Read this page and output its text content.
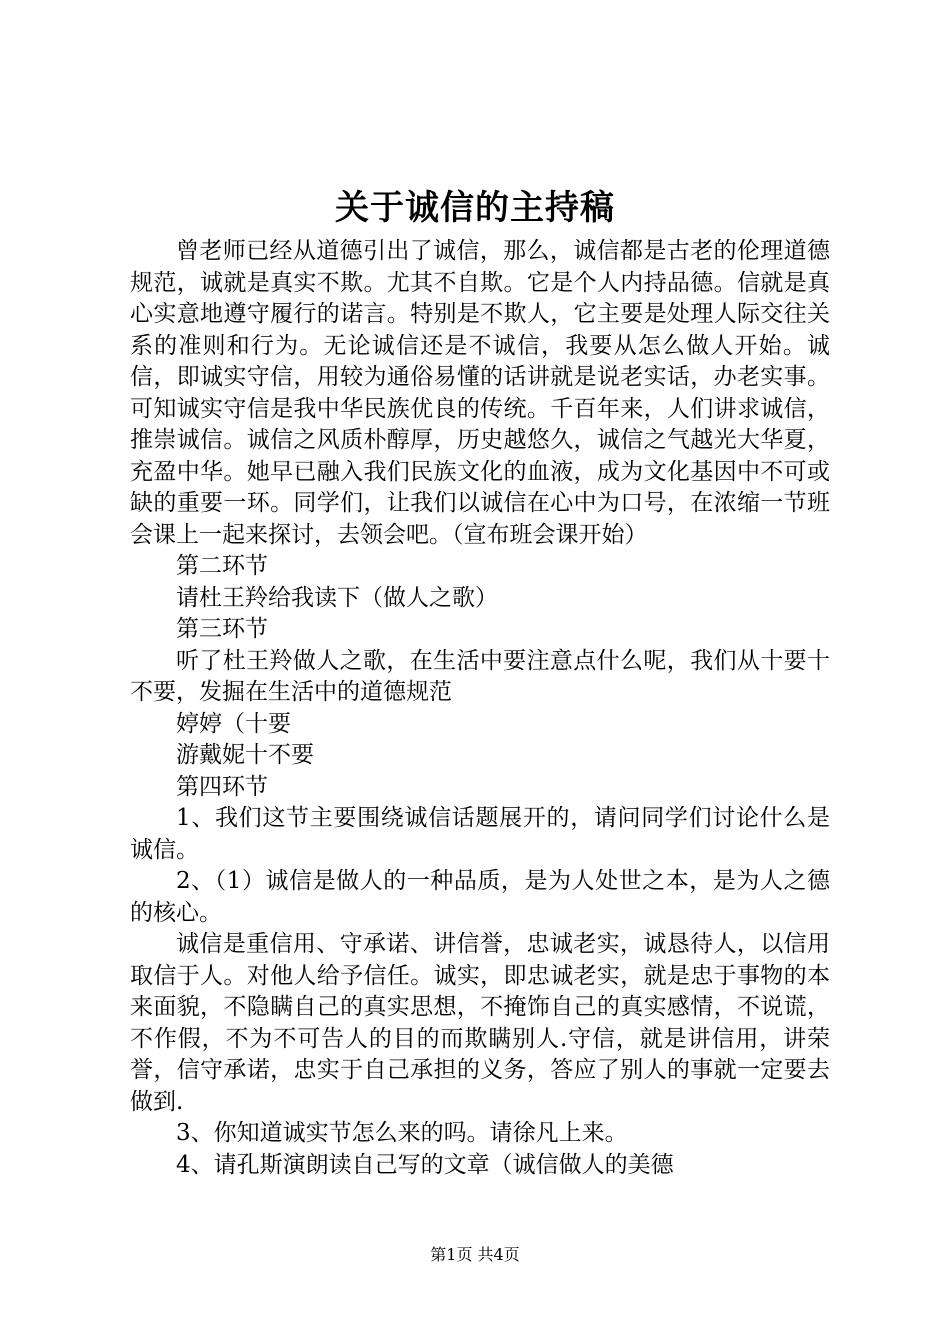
关于诚信的主持稿

曾老师已经从道德引出了诚信，那么，诚信都是古老的伦理道德规范，诚就是真实不欺。尤其不自欺。它是个人内持品德。信就是真心实意地遵守履行的诺言。特别是不欺人，它主要是处理人际交往关系的准则和行为。无论诚信还是不诚信，我要从怎么做人开始。诚信，即诚实守信，用较为通俗易懂的话讲就是说老实话，办老实事。可知诚实守信是我中华民族优良的传统。千百年来，人们讲求诚信，推崇诚信。诚信之风质朴醇厚，历史越悠久，诚信之气越光大华夏，充盈中华。她早已融入我们民族文化的血液，成为文化基因中不可或缺的重要一环。同学们，让我们以诚信在心中为口号，在浓缩一节班会课上一起来探讨，去领会吧。（宣布班会课开始）

第二环节

请杜王羚给我读下（做人之歌）

第三环节

听了杜王羚做人之歌，在生活中要注意点什么呢，我们从十要十不要，发掘在生活中的道德规范

婷婷（十要

游戴妮十不要

第四环节

1、我们这节主要围绕诚信话题展开的，请问同学们讨论什么是诚信。

2、（1）诚信是做人的一种品质，是为人处世之本，是为人之德的核心。

诚信是重信用、守承诺、讲信誉，忠诚老实，诚恳待人，以信用取信于人。对他人给予信任。诚实，即忠诚老实，就是忠于事物的本来面貌，不隐瞒自己的真实思想，不掩饰自己的真实感情，不说谎，不作假，不为不可告人的目的而欺瞒别人.守信，就是讲信用，讲荣誉，信守承诺，忠实于自己承担的义务，答应了别人的事就一定要去做到.

3、你知道诚实节怎么来的吗。请徐凡上来。

4、请孔斯演朗读自己写的文章（诚信做人的美德

第1页 共4页
